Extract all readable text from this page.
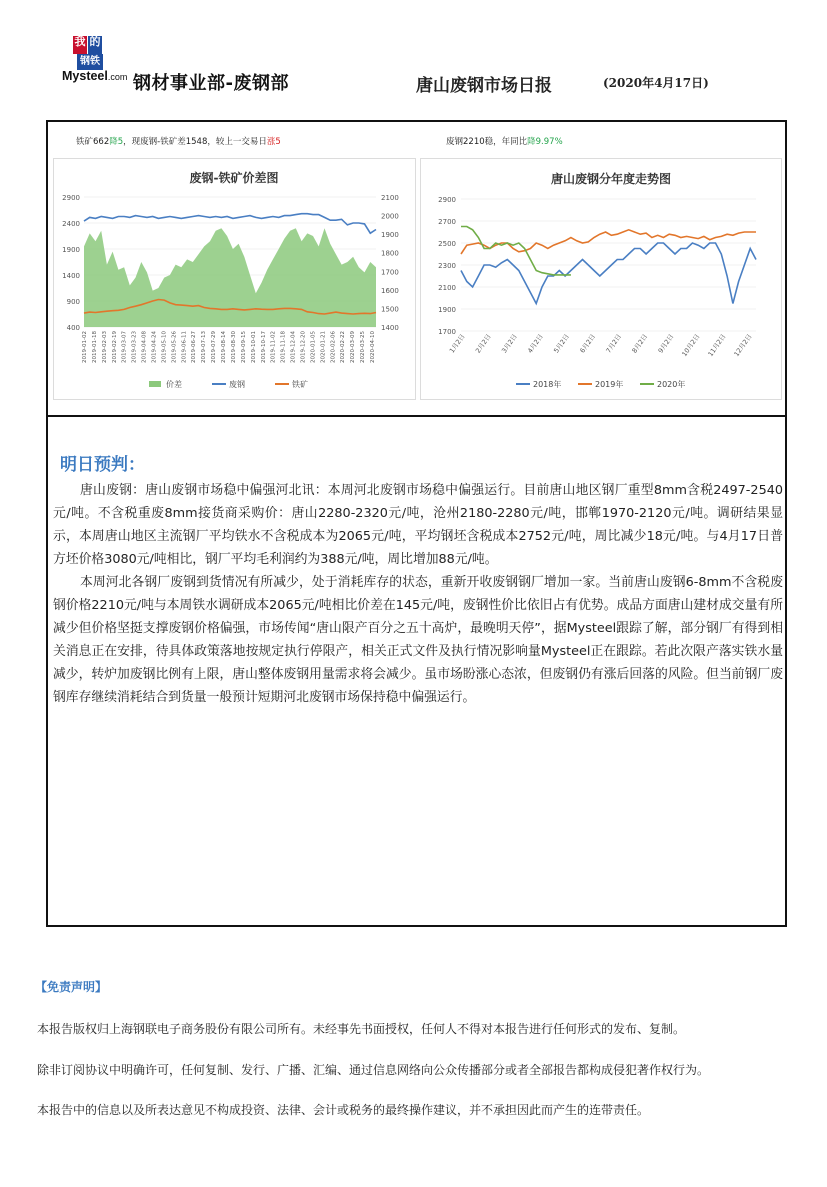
我 的
钢铁
Mysteel.com 钢材事业部-废钢部	唐山废钢市场日报	(2020年4月17日)
铁矿662降5，现废钢-铁矿差1548，较上一交易日涨5	废钢2210稳，年同比降9.97%
废钢-铁矿价差图
400
900
1400
1900
2400
2900
1400
1500
1600
1700
1800
1900
2000
2100
2019-01-02 2019-01-18 2019-02-03 2019-02-19 2019-03-07 2019-03-23 2019-04-08 2019-04-24 2019-05-10 2019-05-26 2019-06-11 2019-06-27 2019-07-13 2019-07-29 2019-08-14 2019-08-30 2019-09-15 2019-10-01 2019-10-17 2019-11-02 2019-11-18 2019-12-04 2019-12-20 2020-01-05 2020-01-21 2020-02-06 2020-02-22 2020-03-09 2020-03-25 2020-04-10
价差	废钢	铁矿
唐山废钢分年度走势图
1700
1900
2100
2300
2500
2700
2900
1月2日 2月2日 3月2日 4月2日 5月2日 6月2日 7月2日 8月2日 9月2日 10月2日 11月2日 12月2日
2018年	2019年	2020年
明日预判：

唐山废钢：唐山废钢市场稳中偏强河北讯：本周河北废钢市场稳中偏强运行。目前唐山地区钢厂重型8mm含税2497-2540元/吨。不含税重废8mm接货商采购价：唐山2280-2320元/吨，沧州2180-2280元/吨，邯郸1970-2120元/吨。调研结果显示，本周唐山地区主流钢厂平均铁水不含税成本为2065元/吨，平均钢坯含税成本2752元/吨，周比减少18元/吨。与4月17日普方坯价格3080元/吨相比，钢厂平均毛利润约为388元/吨，周比增加88元/吨。

本周河北各钢厂废钢到货情况有所减少，处于消耗库存的状态，重新开收废钢钢厂增加一家。当前唐山废钢6-8mm不含税废钢价格2210元/吨与本周铁水调研成本2065元/吨相比价差在145元/吨，废钢性价比依旧占有优势。成品方面唐山建材成交量有所减少但价格坚挺支撑废钢价格偏强，市场传闻“唐山限产百分之五十高炉，最晚明天停”，据Mysteel跟踪了解，部分钢厂有得到相关消息正在安排，待具体政策落地按规定执行停限产，相关正式文件及执行情况影响量Mysteel正在跟踪。若此次限产落实铁水量减少，转炉加废钢比例有上限，唐山整体废钢用量需求将会减少。虽市场盼涨心态浓，但废钢仍有涨后回落的风险。但当前钢厂废钢库存继续消耗结合到货量一般预计短期河北废钢市场保持稳中偏强运行。

【免责声明】
本报告版权归上海钢联电子商务股份有限公司所有。未经事先书面授权，任何人不得对本报告进行任何形式的发布、复制。
除非订阅协议中明确许可，任何复制、发行、广播、汇编、通过信息网络向公众传播部分或者全部报告都构成侵犯著作权行为。
本报告中的信息以及所表达意见不构成投资、法律、会计或税务的最终操作建议，并不承担因此而产生的连带责任。
